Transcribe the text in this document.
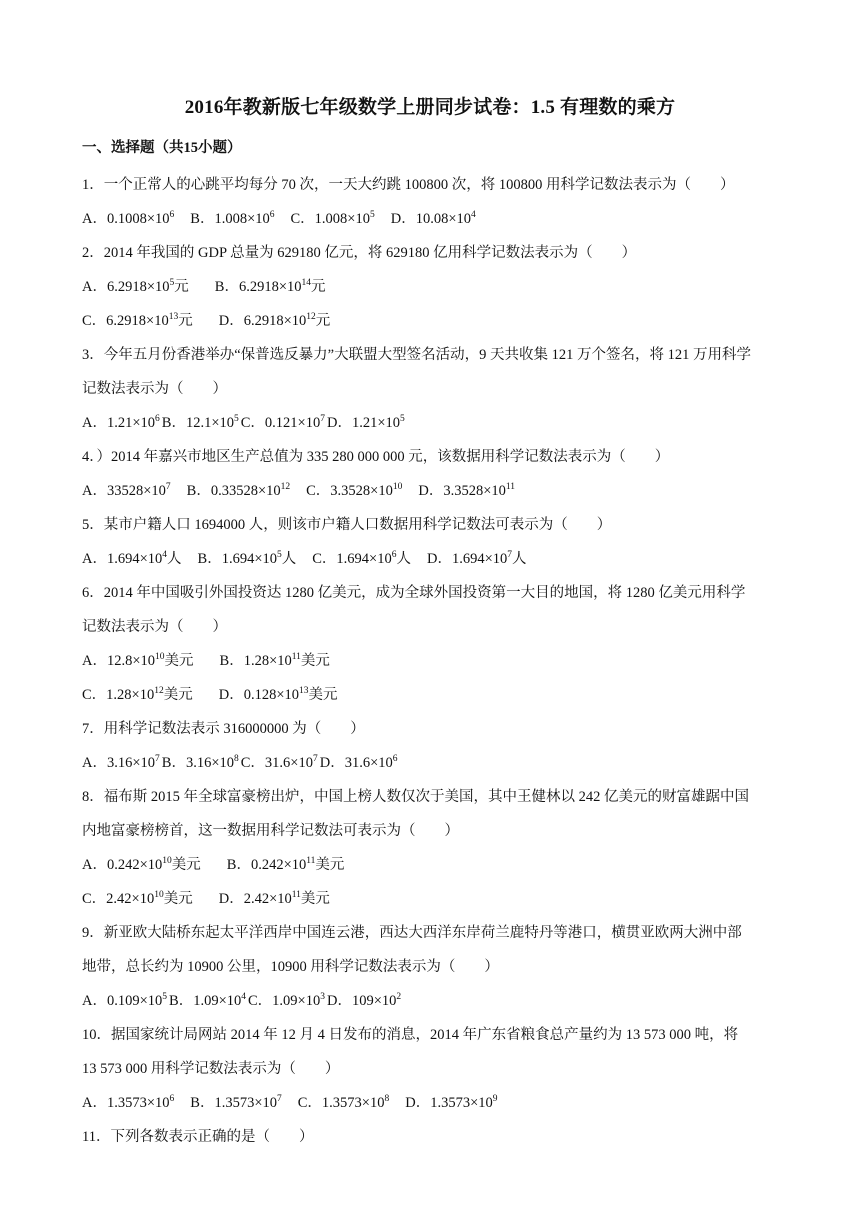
2016年教新版七年级数学上册同步试卷：1.5 有理数的乘方
一、选择题（共15小题）
1．一个正常人的心跳平均每分 70 次，一天大约跳 100800 次，将 100800 用科学记数法表示为（　　）
A．$0.1008\times 10^6$ B．$1.008\times 10^6$ C．$1.008\times 10^5$ D．$10.08\times 10^4$
2．2014 年我国的 GDP 总量为 629180 亿元，将 629180 亿用科学记数法表示为（　　）
A．$6.2918\times 10^5$元 B．$6.2918\times 10^{14}$元
C．$6.2918\times 10^{13}$元 D．$6.2918\times 10^{12}$元
3．今年五月份香港举办“保普选反暴力”大联盟大型签名活动，9 天共收集 121 万个签名，将 121 万用科学
记数法表示为（　　）
A．$1.21\times 10^6$ B．$12.1\times 10^5$ C．$0.121\times 10^7$ D．$1.21\times 10^5$
4．）2014 年嘉兴市地区生产总值为 335 280 000 000 元，该数据用科学记数法表示为（　　）
A．$33528\times 10^7$ B．$0.33528\times 10^{12}$ C．$3.3528\times 10^{10}$ D．$3.3528\times 10^{11}$
5．某市户籍人口 1694000 人，则该市户籍人口数据用科学记数法可表示为（　　）
A．$1.694\times 10^4$人 B．$1.694\times 10^5$人 C．$1.694\times 10^6$人 D．$1.694\times 10^7$人
6．2014 年中国吸引外国投资达 1280 亿美元，成为全球外国投资第一大目的地国，将 1280 亿美元用科学
记数法表示为（　　）
A．$12.8\times 10^{10}$美元 B．$1.28\times 10^{11}$美元
C．$1.28\times 10^{12}$美元 D．$0.128\times 10^{13}$美元
7．用科学记数法表示 316000000 为（　　）
A．$3.16\times 10^7$ B．$3.16\times 10^8$ C．$31.6\times 10^7$ D．$31.6\times 10^6$
8．福布斯 2015 年全球富豪榜出炉，中国上榜人数仅次于美国，其中王健林以 242 亿美元的财富雄踞中国
内地富豪榜榜首，这一数据用科学记数法可表示为（　　）
A．$0.242\times 10^{10}$美元 B．$0.242\times 10^{11}$美元
C．$2.42\times 10^{10}$美元 D．$2.42\times 10^{11}$美元
9．新亚欧大陆桥东起太平洋西岸中国连云港，西达大西洋东岸荷兰鹿特丹等港口，横贯亚欧两大洲中部
地带，总长约为 10900 公里，10900 用科学记数法表示为（　　）
A．$0.109\times 10^5$ B．$1.09\times 10^4$ C．$1.09\times 10^3$ D．$109\times 10^2$
10．据国家统计局网站 2014 年 12 月 4 日发布的消息，2014 年广东省粮食总产量约为 13 573 000 吨，将
13 573 000 用科学记数法表示为（　　）
A．$1.3573\times 10^6$ B．$1.3573\times 10^7$ C．$1.3573\times 10^8$ D．$1.3573\times 10^9$
11．下列各数表示正确的是（　　）
